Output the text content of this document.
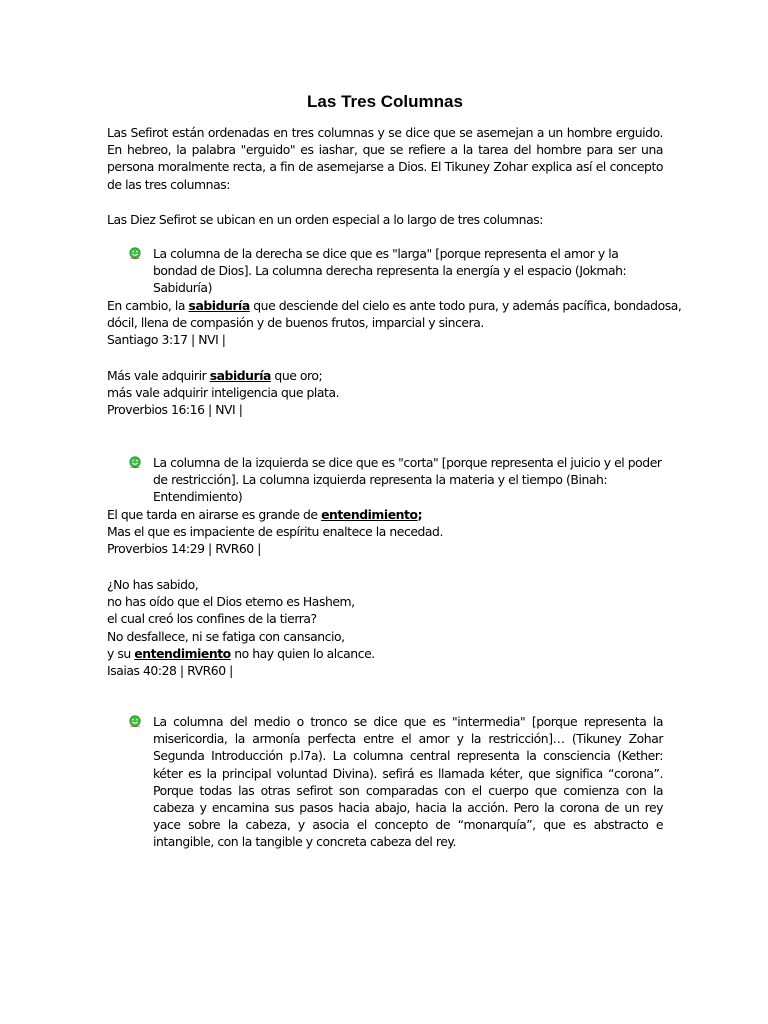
Las Tres Columnas

Las Sefirot están ordenadas en tres columnas y se dice que se asemejan a un hombre erguido. En hebreo, la palabra "erguido" es iashar, que se refiere a la tarea del hombre para ser una persona moralmente recta, a fin de asemejarse a Dios. El Tikuney Zohar explica así el concepto de las tres columnas:

Las Diez Sefirot se ubican en un orden especial a lo largo de tres columnas:

La columna de la derecha se dice que es "larga" [porque representa el amor y la bondad de Dios]. La columna derecha representa la energía y el espacio (Jokmah: Sabiduría)

En cambio, la sabiduría que desciende del cielo es ante todo pura, y además pacífica, bondadosa,
dócil, llena de compasión y de buenos frutos, imparcial y sincera.
Santiago 3:17 | NVI |
Más vale adquirir sabiduría que oro;
más vale adquirir inteligencia que plata.
Proverbios 16:16 | NVI |

La columna de la izquierda se dice que es "corta" [porque representa el juicio y el poder de restricción]. La columna izquierda representa la materia y el tiempo (Binah: Entendimiento)

El que tarda en airarse es grande de entendimiento;
Mas el que es impaciente de espíritu enaltece la necedad.
Proverbios 14:29 | RVR60 |
¿No has sabido,
no has oído que el Dios eterno es Hashem,
el cual creó los confines de la tierra?
No desfallece, ni se fatiga con cansancio,
y su entendimiento no hay quien lo alcance.
Isaias 40:28 | RVR60 |

La columna del medio o tronco se dice que es "intermedia" [porque representa la misericordia, la armonía perfecta entre el amor y la restricción]… (Tikuney Zohar Segunda Introducción p.l7a). La columna central representa la consciencia (Kether: kéter es la principal voluntad Divina). sefirá es llamada kéter, que significa “corona”. Porque todas las otras sefirot son comparadas con el cuerpo que comienza con la cabeza y encamina sus pasos hacia abajo, hacia la acción. Pero la corona de un rey yace sobre la cabeza, y asocia el concepto de “monarquía”, que es abstracto e intangible, con la tangible y concreta cabeza del rey.
